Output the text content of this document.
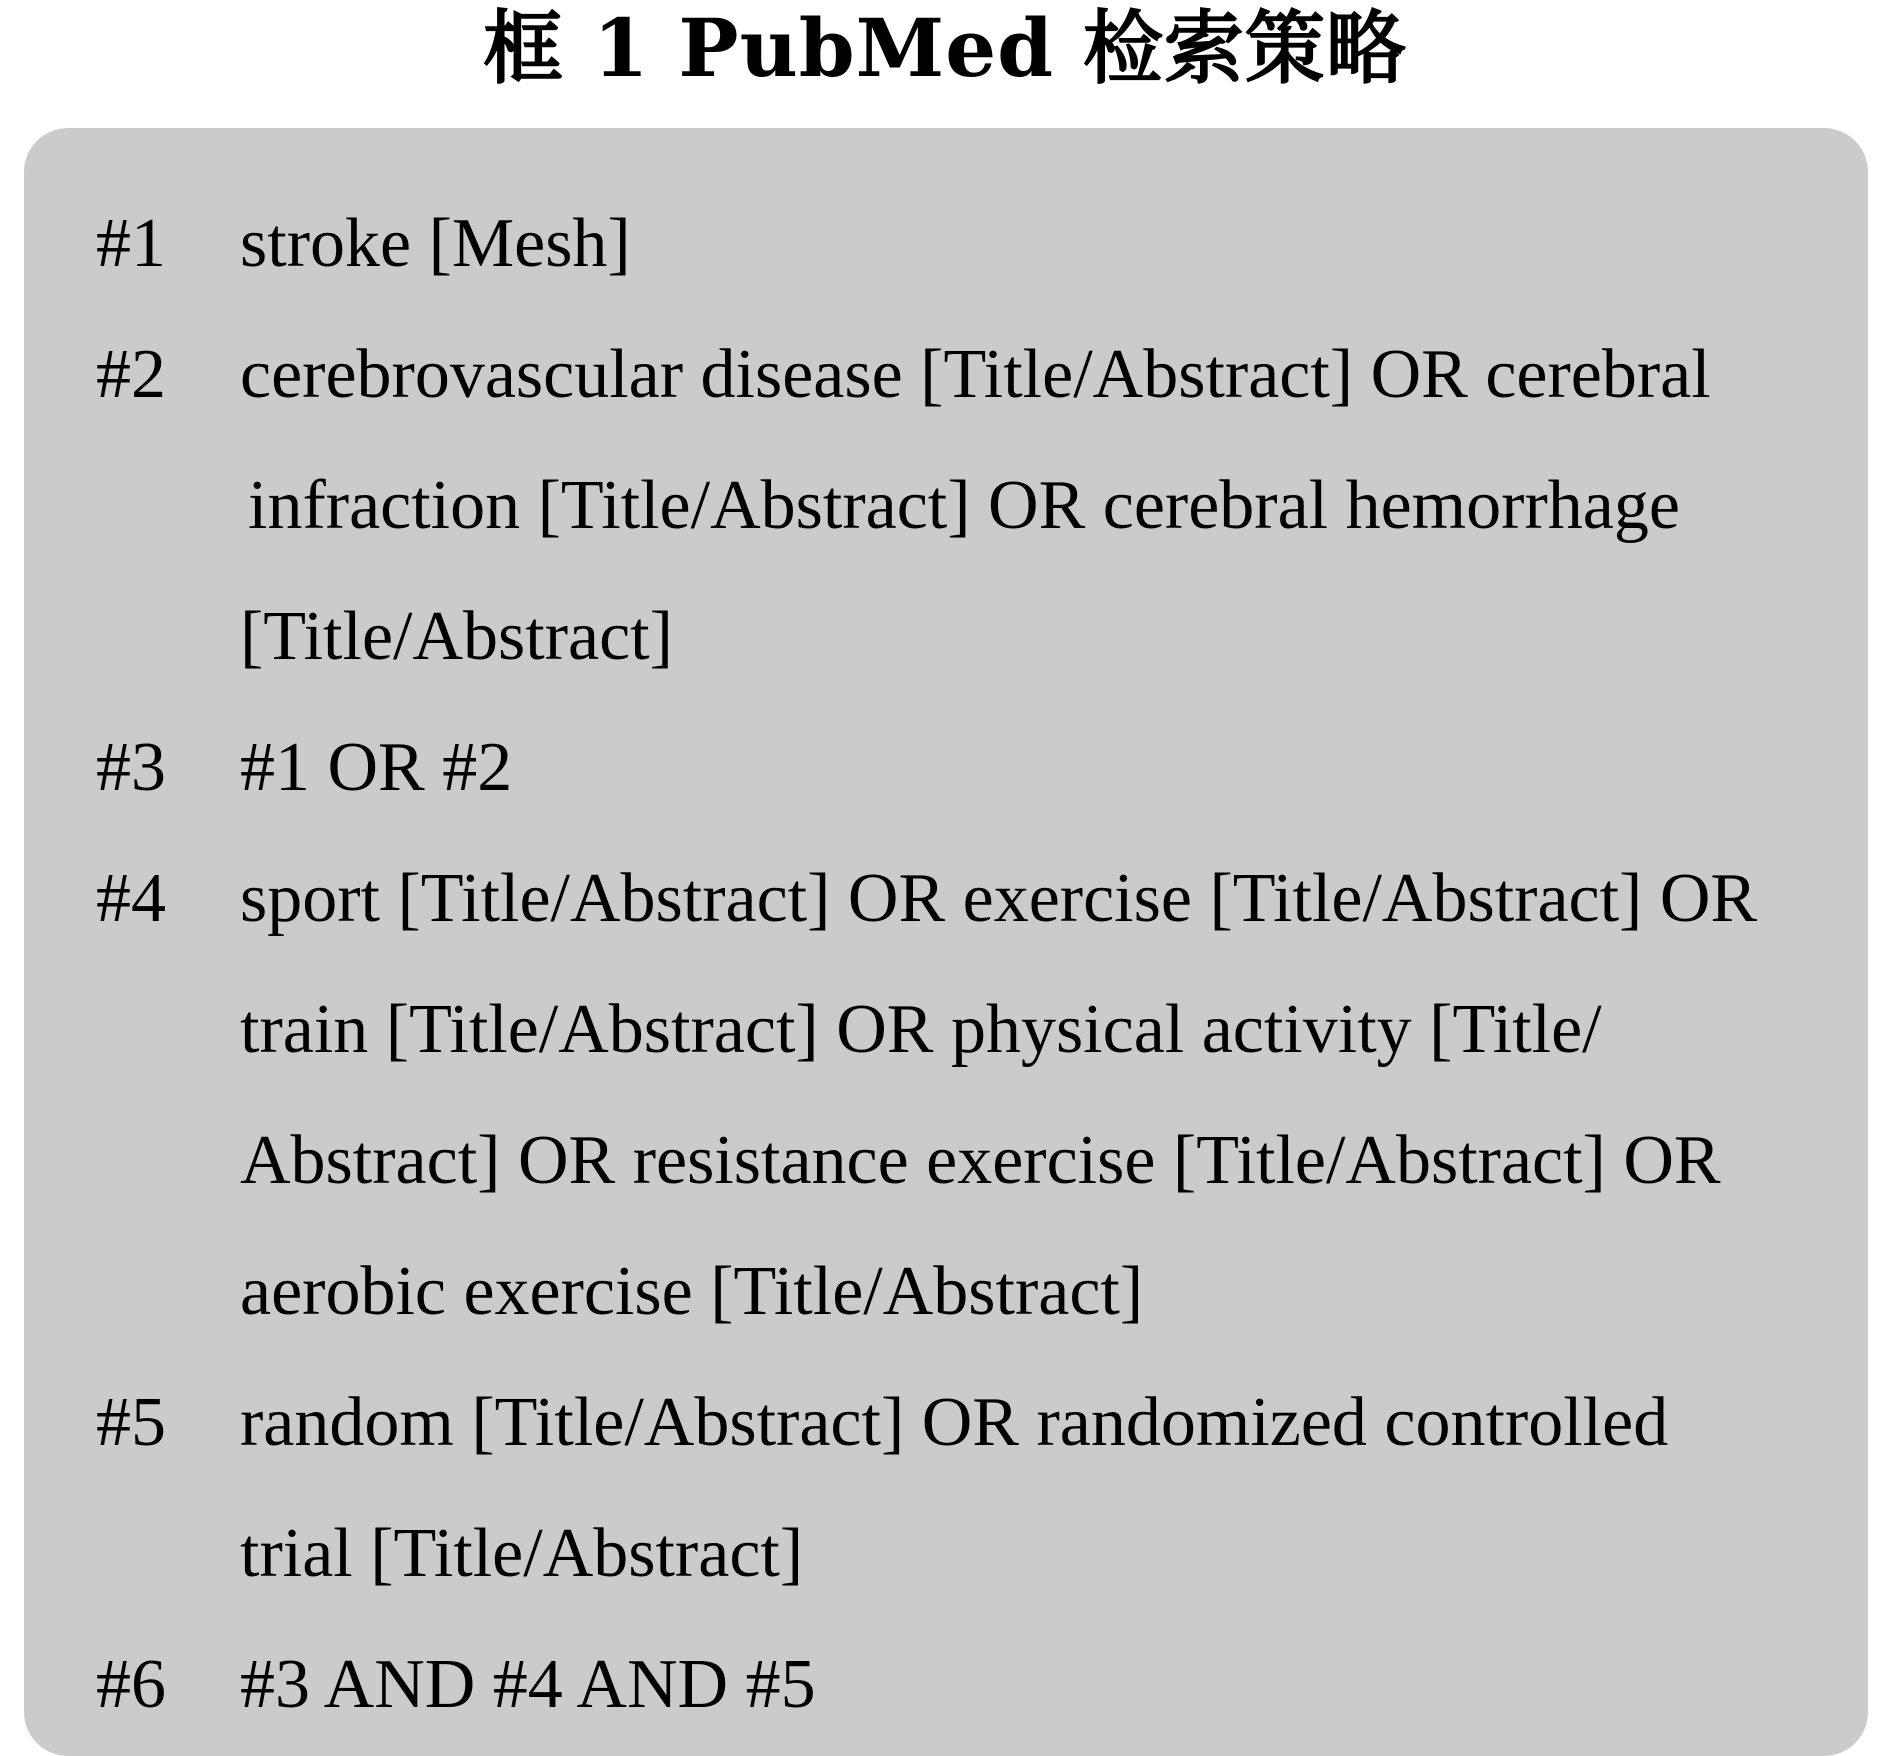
框 1 PubMed 检索策略
#1	stroke [Mesh]
#2	cerebrovascular disease [Title/Abstract] OR cerebral
infraction [Title/Abstract] OR cerebral hemorrhage
[Title/Abstract]
#3	#1 OR #2
#4	sport [Title/Abstract] OR exercise [Title/Abstract] OR
train [Title/Abstract] OR physical activity [Title/
Abstract] OR resistance exercise [Title/Abstract] OR
aerobic exercise [Title/Abstract]
#5	random [Title/Abstract] OR randomized controlled
trial [Title/Abstract]
#6	#3 AND #4 AND #5
